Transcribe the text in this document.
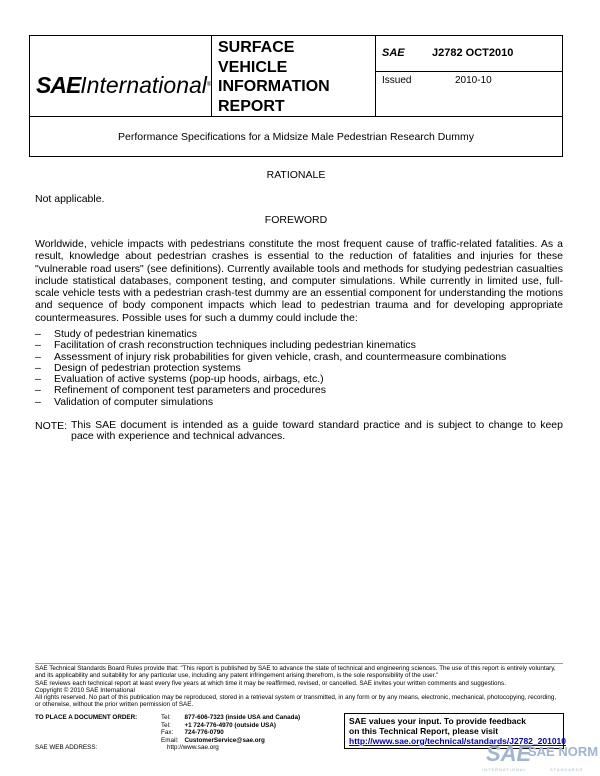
SAEInternational®
SURFACE
VEHICLE
INFORMATION
REPORT
SAE J2782 OCT2010
Issued	2010-10
Performance Specifications for a Midsize Male Pedestrian Research Dummy
RATIONALE
Not applicable.
FOREWORD
Worldwide, vehicle impacts with pedestrians constitute the most frequent cause of traffic-related fatalities. As a result, knowledge about pedestrian crashes is essential to the reduction of fatalities and injuries for these "vulnerable road users" (see definitions). Currently available tools and methods for studying pedestrian casualties include statistical databases, component testing, and computer simulations. While currently in limited use, full-scale vehicle tests with a pedestrian crash-test dummy are an essential component for understanding the motions and sequence of body component impacts which lead to pedestrian trauma and for developing appropriate countermeasures. Possible uses for such a dummy could include the:
– Study of pedestrian kinematics
– Facilitation of crash reconstruction techniques including pedestrian kinematics
– Assessment of injury risk probabilities for given vehicle, crash, and countermeasure combinations
– Design of pedestrian protection systems
– Evaluation of active systems (pop-up hoods, airbags, etc.)
– Refinement of component test parameters and procedures
– Validation of computer simulations
NOTE: This SAE document is intended as a guide toward standard practice and is subject to change to keep pace with experience and technical advances.
SAE Technical Standards Board Rules provide that: "This report is published by SAE to advance the state of technical and engineering sciences. The use of this report is entirely voluntary, and its applicability and suitability for any particular use, including any patent infringement arising therefrom, is the sole responsibility of the user."
SAE reviews each technical report at least every five years at which time it may be reaffirmed, revised, or cancelled. SAE invites your written comments and suggestions.
Copyright © 2010 SAE International
All rights reserved. No part of this publication may be reproduced, stored in a retrieval system or transmitted, in any form or by any means, electronic, mechanical, photocopying, recording, or otherwise, without the prior written permission of SAE.
TO PLACE A DOCUMENT ORDER:	Tel:	877-606-7323 (inside USA and Canada)
	Tel:	+1 724-776-4970 (outside USA)
	Fax:	724-776-0790
	Email:	CustomerService@sae.org
SAE WEB ADDRESS:	http://www.sae.org
SAE values your input. To provide feedback
on this Technical Report, please visit
http://www.sae.org/technical/standards/J2782_201010
SAE
SAE NORM
INTERNATIONAL	STANDARDS
